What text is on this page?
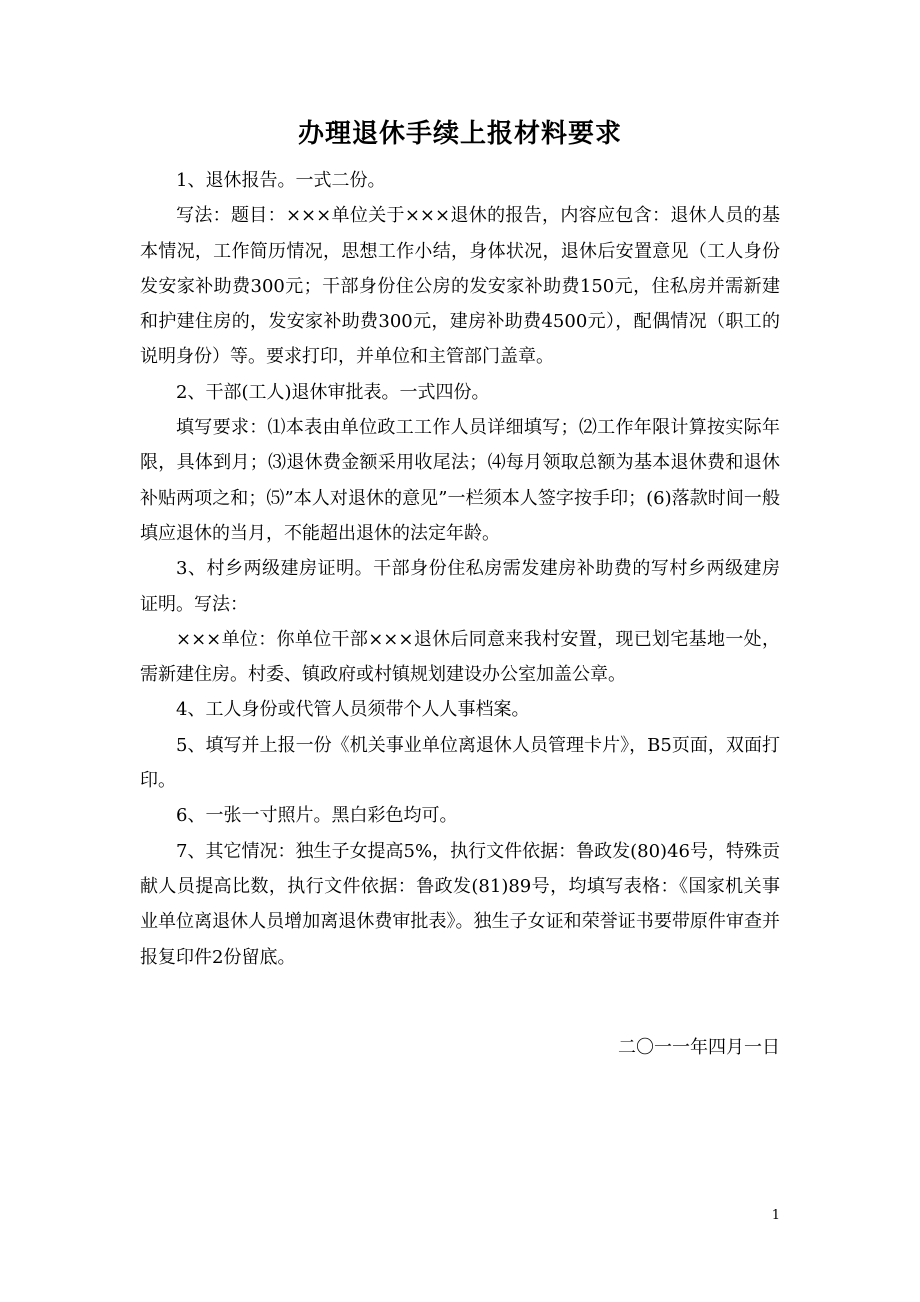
办理退休手续上报材料要求

1、退休报告。一式二份。

写法：题目：×××单位关于×××退休的报告，内容应包含：退休人员的基本情况，工作简历情况，思想工作小结，身体状况，退休后安置意见（工人身份发安家补助费300元；干部身份住公房的发安家补助费150元，住私房并需新建和护建住房的，发安家补助费300元，建房补助费4500元），配偶情况（职工的说明身份）等。要求打印，并单位和主管部门盖章。

2、干部(工人)退休审批表。一式四份。

填写要求：⑴本表由单位政工工作人员详细填写；⑵工作年限计算按实际年限，具体到月；⑶退休费金额采用收尾法；⑷每月领取总额为基本退休费和退休补贴两项之和；⑸”本人对退休的意见”一栏须本人签字按手印；(6)落款时间一般填应退休的当月，不能超出退休的法定年龄。

3、村乡两级建房证明。干部身份住私房需发建房补助费的写村乡两级建房证明。写法：

×××单位：你单位干部×××退休后同意来我村安置，现已划宅基地一处，需新建住房。村委、镇政府或村镇规划建设办公室加盖公章。

4、工人身份或代管人员须带个人人事档案。

5、填写并上报一份《机关事业单位离退休人员管理卡片》，B5页面，双面打印。

6、一张一寸照片。黑白彩色均可。

7、其它情况：独生子女提高5%，执行文件依据：鲁政发(80)46号，特殊贡献人员提高比数，执行文件依据：鲁政发(81)89号，均填写表格：《国家机关事业单位离退休人员增加离退休费审批表》。独生子女证和荣誉证书要带原件审查并报复印件2份留底。

二〇一一年四月一日
1
